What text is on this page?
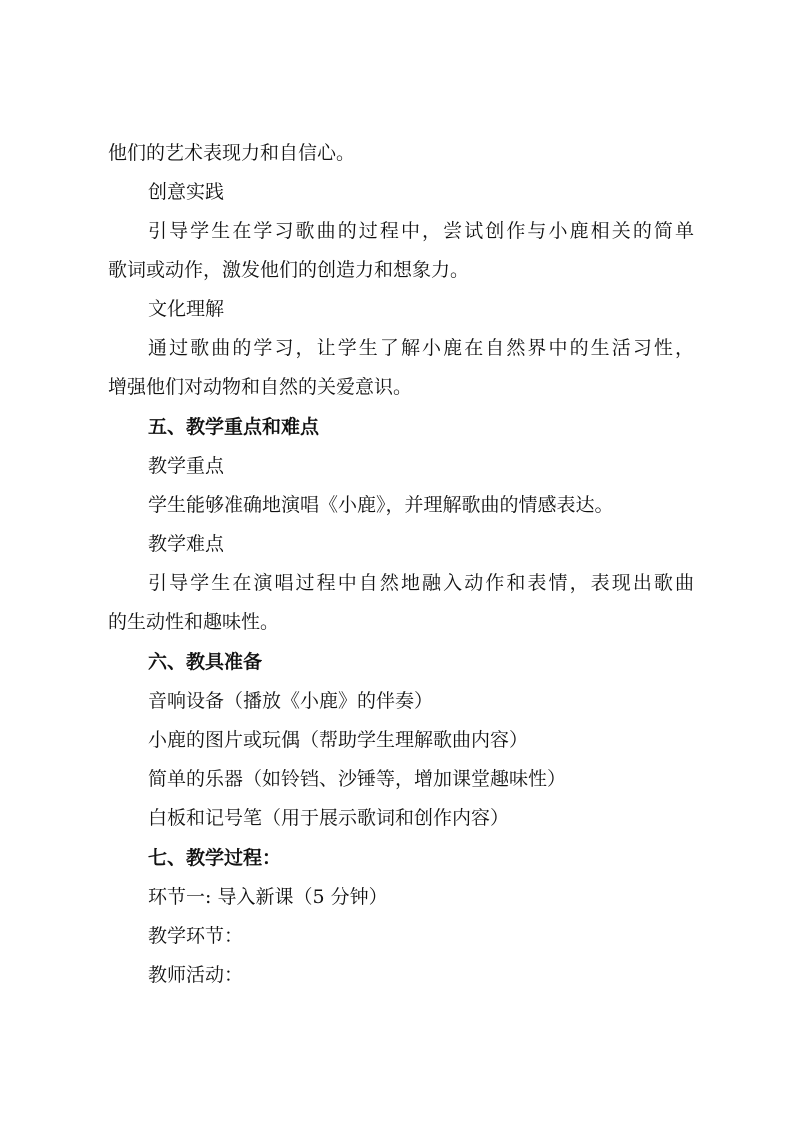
他们的艺术表现力和自信心。
创意实践
引导学生在学习歌曲的过程中，尝试创作与小鹿相关的简单
歌词或动作，激发他们的创造力和想象力。
文化理解
通过歌曲的学习，让学生了解小鹿在自然界中的生活习性，
增强他们对动物和自然的关爱意识。
五、教学重点和难点
教学重点
学生能够准确地演唱《小鹿》，并理解歌曲的情感表达。
教学难点
引导学生在演唱过程中自然地融入动作和表情，表现出歌曲
的生动性和趣味性。
六、教具准备
音响设备（播放《小鹿》的伴奏）
小鹿的图片或玩偶（帮助学生理解歌曲内容）
简单的乐器（如铃铛、沙锤等，增加课堂趣味性）
白板和记号笔（用于展示歌词和创作内容）
七、教学过程：
环节一: 导入新课（5 分钟）
教学环节：
教师活动：
